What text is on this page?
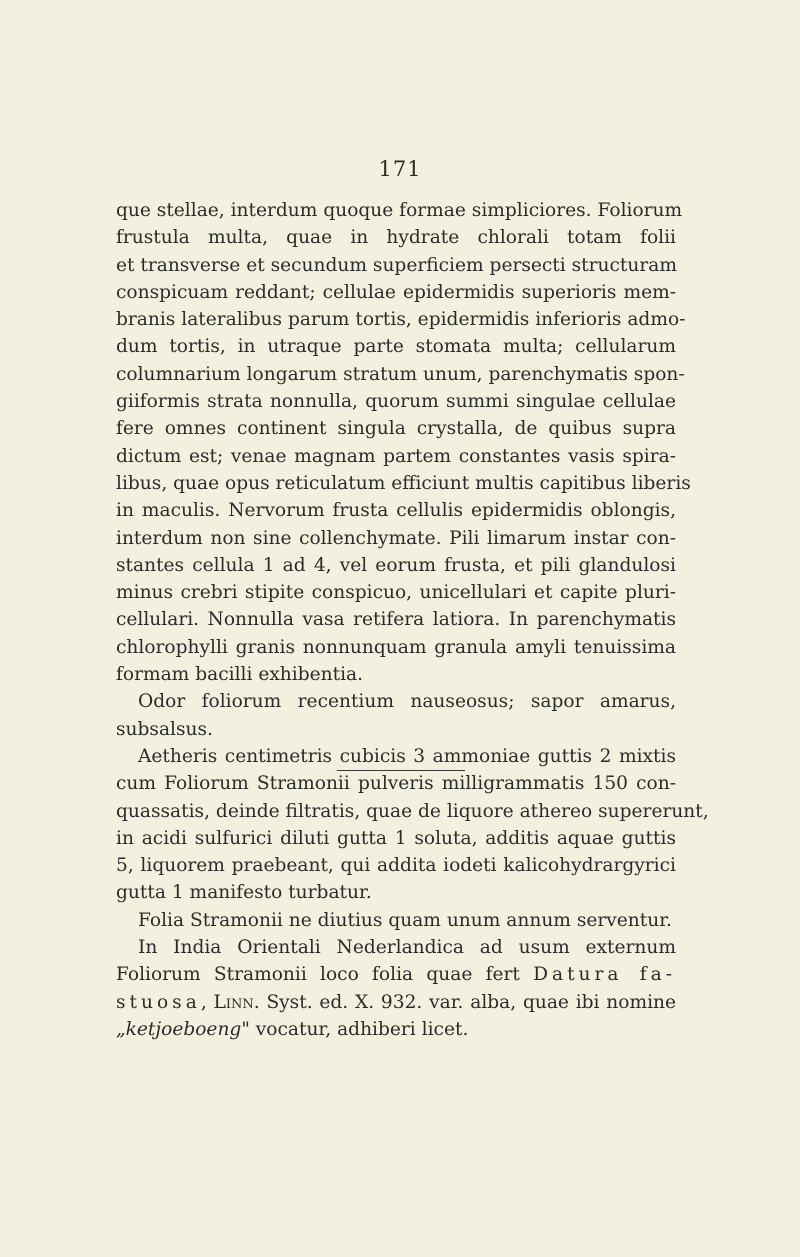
171
que stellae, interdum quoque formae simpliciores. Foliorum
frustula multa, quae in hydrate chlorali totam folii
et transverse et secundum superficiem persecti structuram
conspicuam reddant; cellulae epidermidis superioris mem-
branis lateralibus parum tortis, epidermidis inferioris admo-
dum tortis, in utraque parte stomata multa; cellularum
columnarium longarum stratum unum, parenchymatis spon-
giiformis strata nonnulla, quorum summi singulae cellulae
fere omnes continent singula crystalla, de quibus supra
dictum est; venae magnam partem constantes vasis spira-
libus, quae opus reticulatum efficiunt multis capitibus liberis
in maculis. Nervorum frusta cellulis epidermidis oblongis,
interdum non sine collenchymate. Pili limarum instar con-
stantes cellula 1 ad 4, vel eorum frusta, et pili glandulosi
minus crebri stipite conspicuo, unicellulari et capite pluri-
cellulari. Nonnulla vasa retifera latiora. In parenchymatis
chlorophylli granis nonnunquam granula amyli tenuissima
formam bacilli exhibentia.
Odor foliorum recentium nauseosus; sapor amarus,
subsalsus.
Aetheris centimetris cubicis 3 ammoniae guttis 2 mixtis
cum Foliorum Stramonii pulveris milligrammatis 150 con-
quassatis, deinde filtratis, quae de liquore athereo supererunt,
in acidi sulfurici diluti gutta 1 soluta, additis aquae guttis
5, liquorem praebeant, qui addita iodeti kalicohydrargyrici
gutta 1 manifesto turbatur.
Folia Stramonii ne diutius quam unum annum serventur.
In India Orientali Nederlandica ad usum externum
Foliorum Stramonii loco folia quae fert Datura fa-
stuosa, Linn. Syst. ed. X. 932. var. alba, quae ibi nomine
„ketjoeboeng" vocatur, adhiberi licet.
